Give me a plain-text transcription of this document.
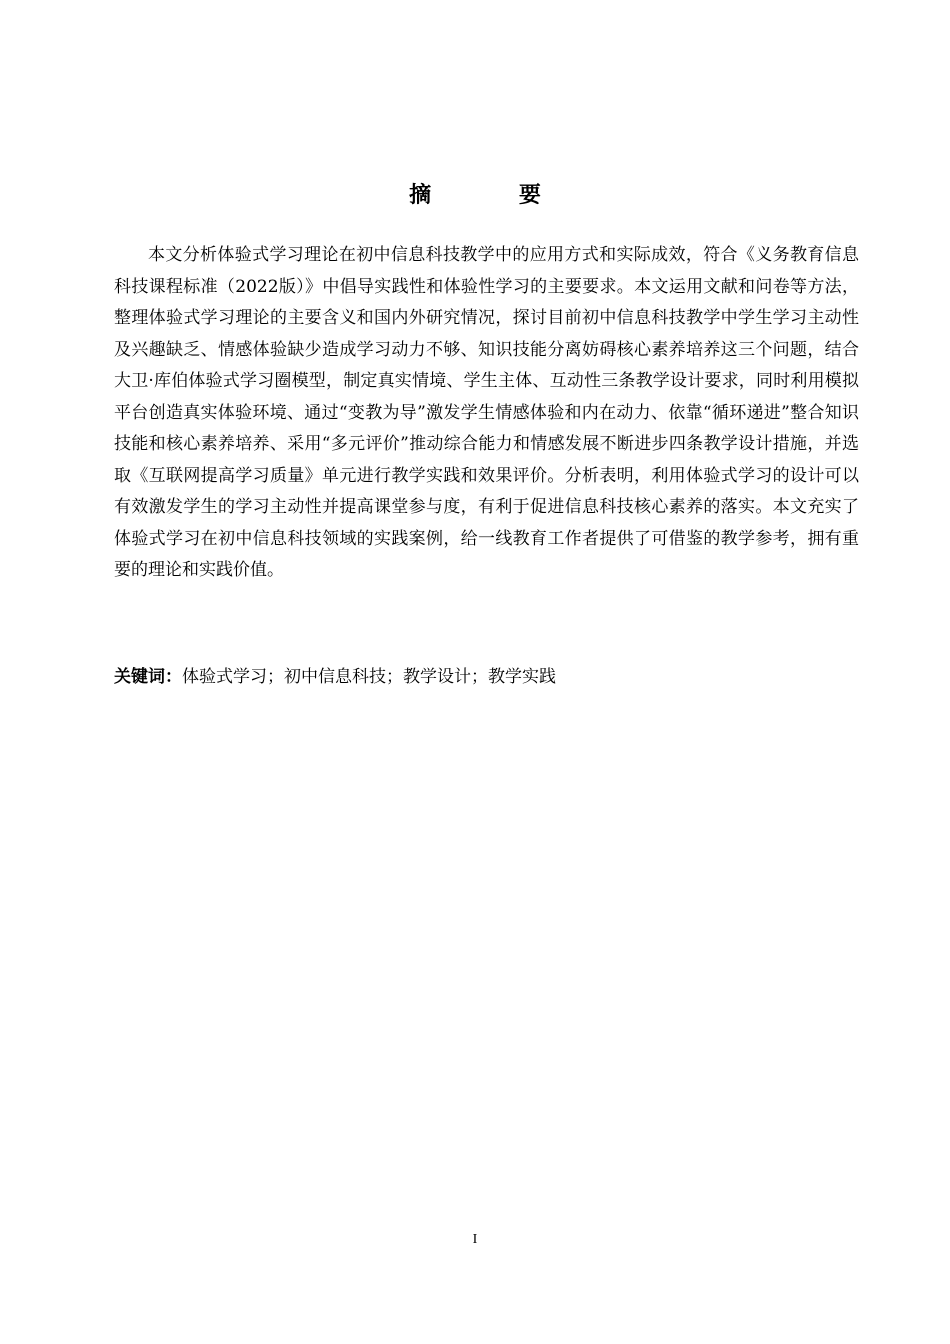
摘 要

本文分析体验式学习理论在初中信息科技教学中的应用方式和实际成效，符合《义务教育信息科技课程标准（2022版）》中倡导实践性和体验性学习的主要要求。本文运用文献和问卷等方法，整理体验式学习理论的主要含义和国内外研究情况，探讨目前初中信息科技教学中学生学习主动性及兴趣缺乏、情感体验缺少造成学习动力不够、知识技能分离妨碍核心素养培养这三个问题，结合大卫·库伯体验式学习圈模型，制定真实情境、学生主体、互动性三条教学设计要求，同时利用模拟平台创造真实体验环境、通过“变教为导”激发学生情感体验和内在动力、依靠“循环递进”整合知识技能和核心素养培养、采用“多元评价”推动综合能力和情感发展不断进步四条教学设计措施，并选取《互联网提高学习质量》单元进行教学实践和效果评价。分析表明，利用体验式学习的设计可以有效激发学生的学习主动性并提高课堂参与度，有利于促进信息科技核心素养的落实。本文充实了体验式学习在初中信息科技领域的实践案例，给一线教育工作者提供了可借鉴的教学参考，拥有重要的理论和实践价值。

关键词：体验式学习；初中信息科技；教学设计；教学实践

I
